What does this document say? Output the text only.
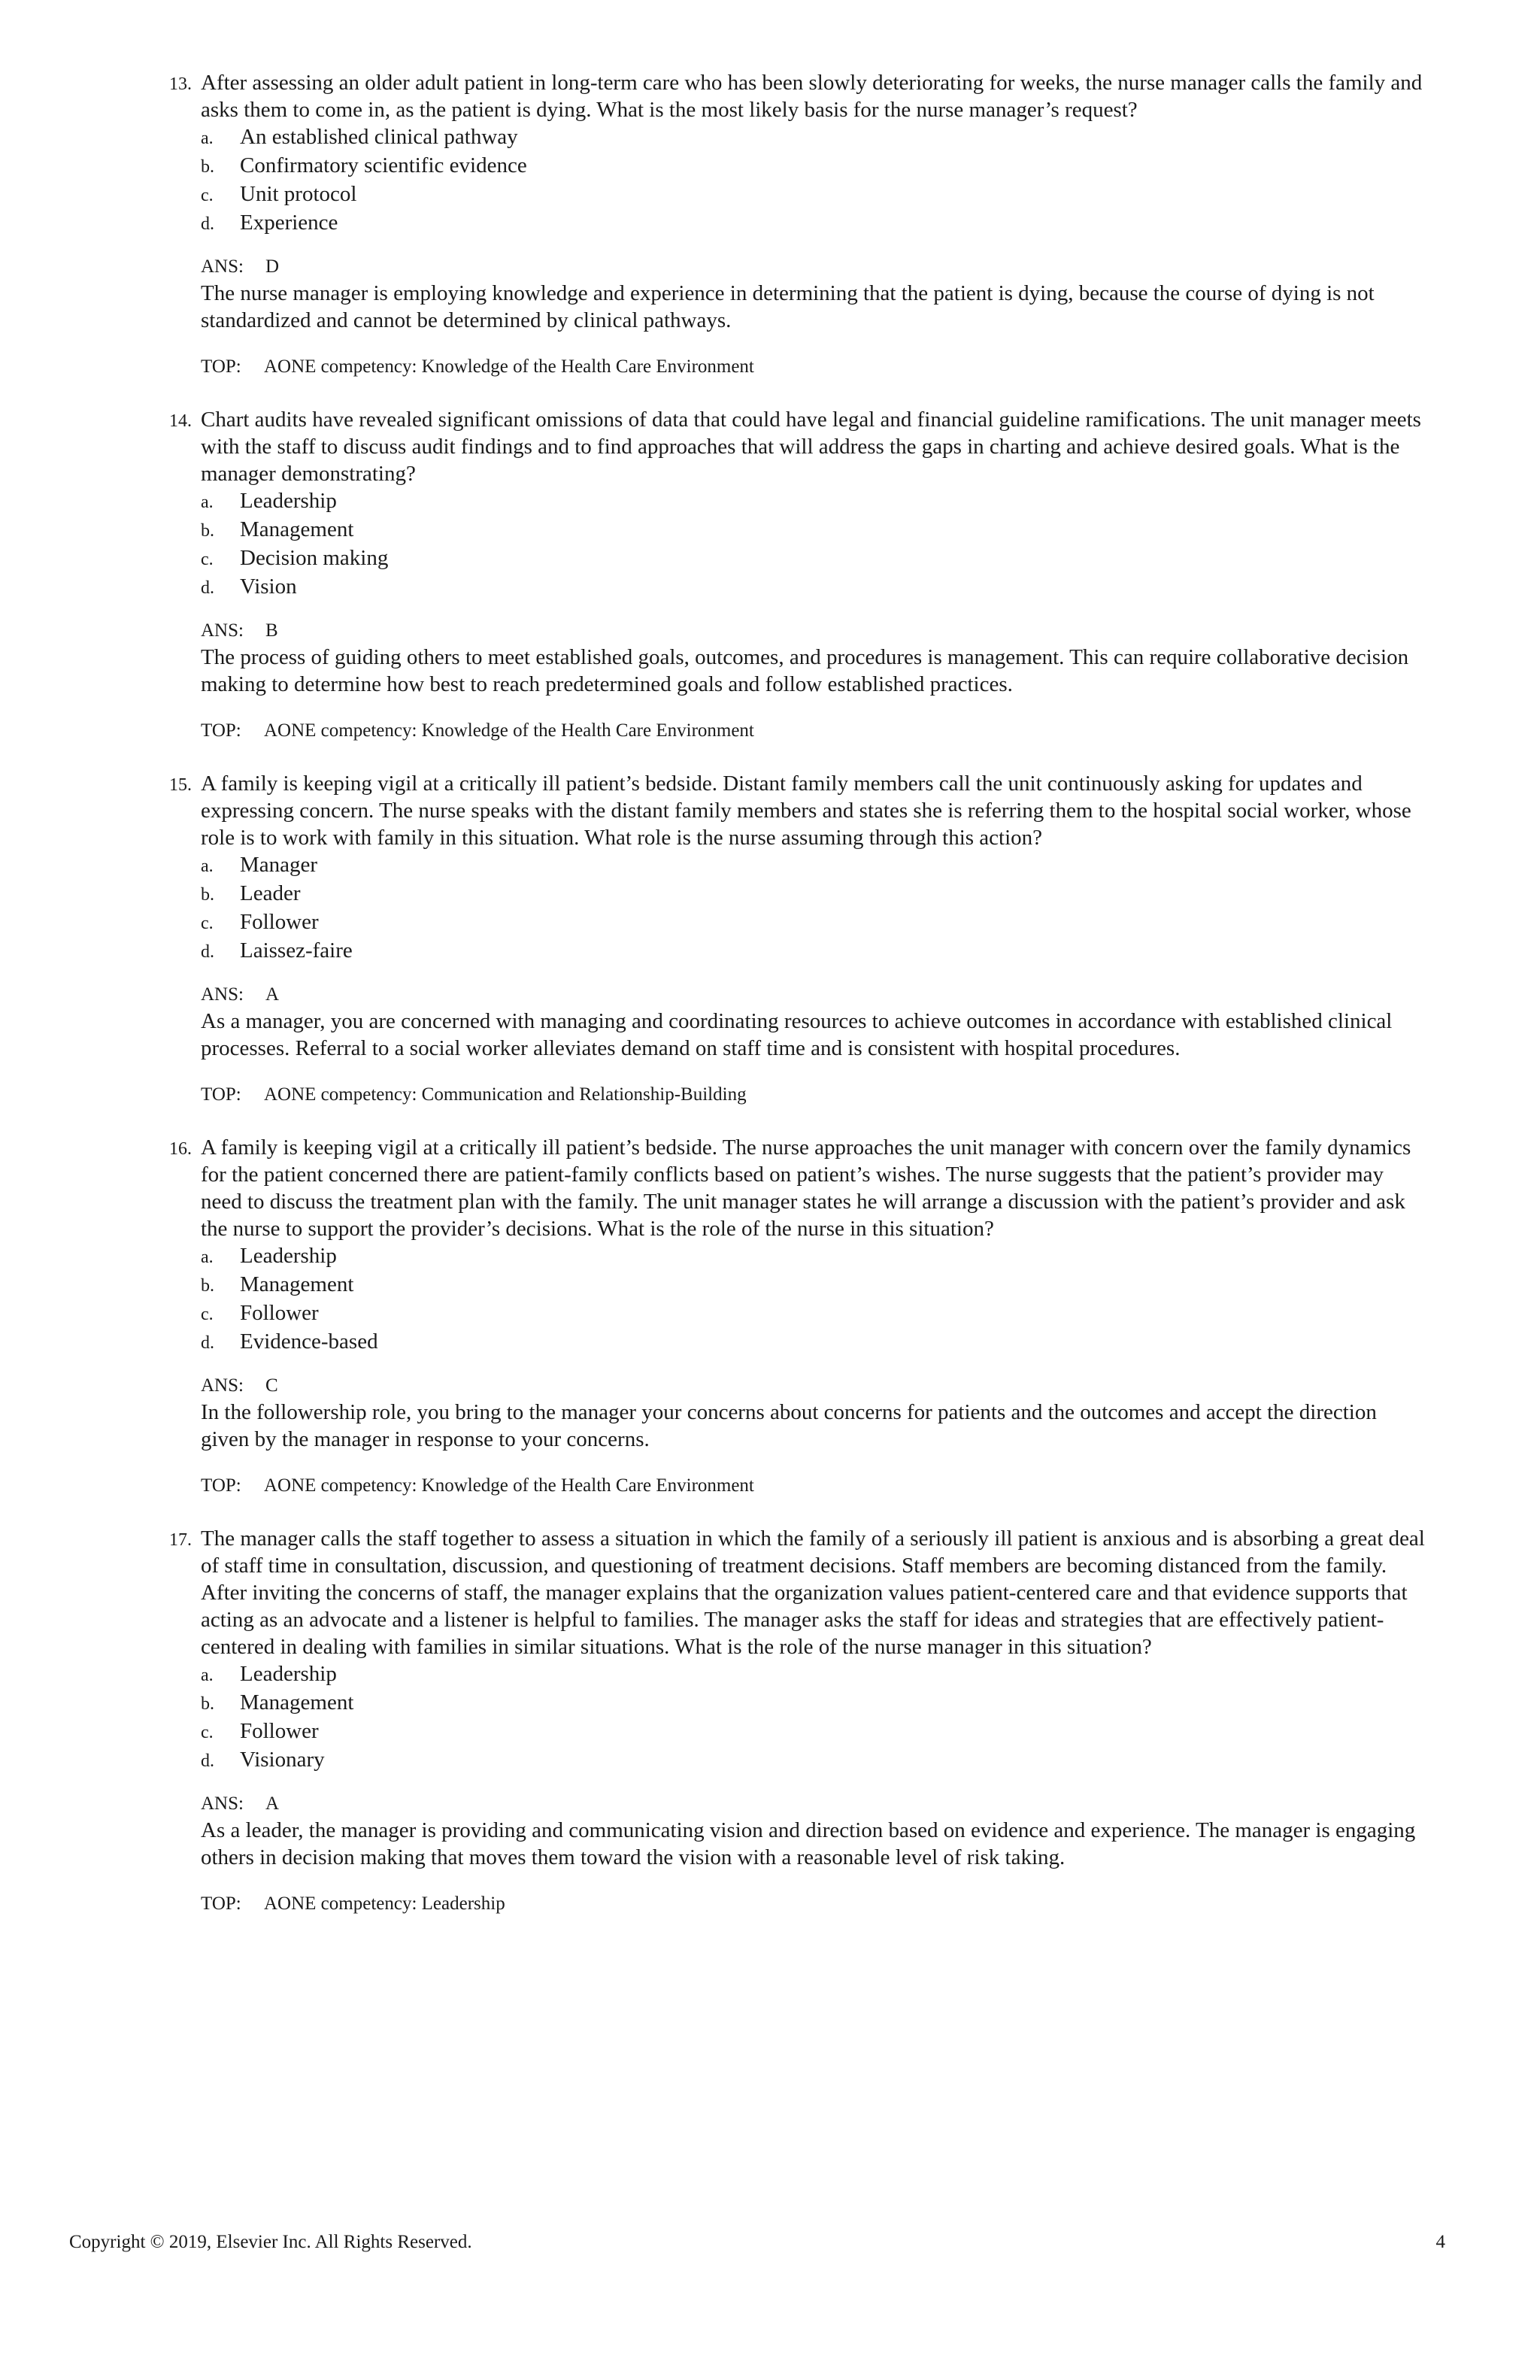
13. After assessing an older adult patient in long-term care who has been slowly deteriorating for weeks, the nurse manager calls the family and asks them to come in, as the patient is dying. What is the most likely basis for the nurse manager’s request?

a.	An established clinical pathway
b.	Confirmatory scientific evidence
c.	Unit protocol
d.	Experience
ANS: D

The nurse manager is employing knowledge and experience in determining that the patient is dying, because the course of dying is not standardized and cannot be determined by clinical pathways.

TOP: AONE competency: Knowledge of the Health Care Environment
14. Chart audits have revealed significant omissions of data that could have legal and financial guideline ramifications. The unit manager meets with the staff to discuss audit findings and to find approaches that will address the gaps in charting and achieve desired goals. What is the manager demonstrating?

a.	Leadership
b.	Management
c.	Decision making
d.	Vision
ANS: B

The process of guiding others to meet established goals, outcomes, and procedures is management. This can require collaborative decision making to determine how best to reach predetermined goals and follow established practices.

TOP: AONE competency: Knowledge of the Health Care Environment
15. A family is keeping vigil at a critically ill patient’s bedside. Distant family members call the unit continuously asking for updates and expressing concern. The nurse speaks with the distant family members and states she is referring them to the hospital social worker, whose role is to work with family in this situation. What role is the nurse assuming through this action?

a.	Manager
b.	Leader
c.	Follower
d.	Laissez-faire
ANS: A

As a manager, you are concerned with managing and coordinating resources to achieve outcomes in accordance with established clinical processes. Referral to a social worker alleviates demand on staff time and is consistent with hospital procedures.

TOP: AONE competency: Communication and Relationship-Building
16. A family is keeping vigil at a critically ill patient’s bedside. The nurse approaches the unit manager with concern over the family dynamics for the patient concerned there are patient-family conflicts based on patient’s wishes. The nurse suggests that the patient’s provider may need to discuss the treatment plan with the family. The unit manager states he will arrange a discussion with the patient’s provider and ask the nurse to support the provider’s decisions. What is the role of the nurse in this situation?

a.	Leadership
b.	Management
c.	Follower
d.	Evidence-based
ANS: C

In the followership role, you bring to the manager your concerns about concerns for patients and the outcomes and accept the direction given by the manager in response to your concerns.

TOP: AONE competency: Knowledge of the Health Care Environment
17. The manager calls the staff together to assess a situation in which the family of a seriously ill patient is anxious and is absorbing a great deal of staff time in consultation, discussion, and questioning of treatment decisions. Staff members are becoming distanced from the family. After inviting the concerns of staff, the manager explains that the organization values patient-centered care and that evidence supports that acting as an advocate and a listener is helpful to families. The manager asks the staff for ideas and strategies that are effectively patient-centered in dealing with families in similar situations. What is the role of the nurse manager in this situation?

a.	Leadership
b.	Management
c.	Follower
d.	Visionary
ANS: A

As a leader, the manager is providing and communicating vision and direction based on evidence and experience. The manager is engaging others in decision making that moves them toward the vision with a reasonable level of risk taking.

TOP: AONE competency: Leadership
Copyright © 2019, Elsevier Inc. All Rights Reserved.	4
